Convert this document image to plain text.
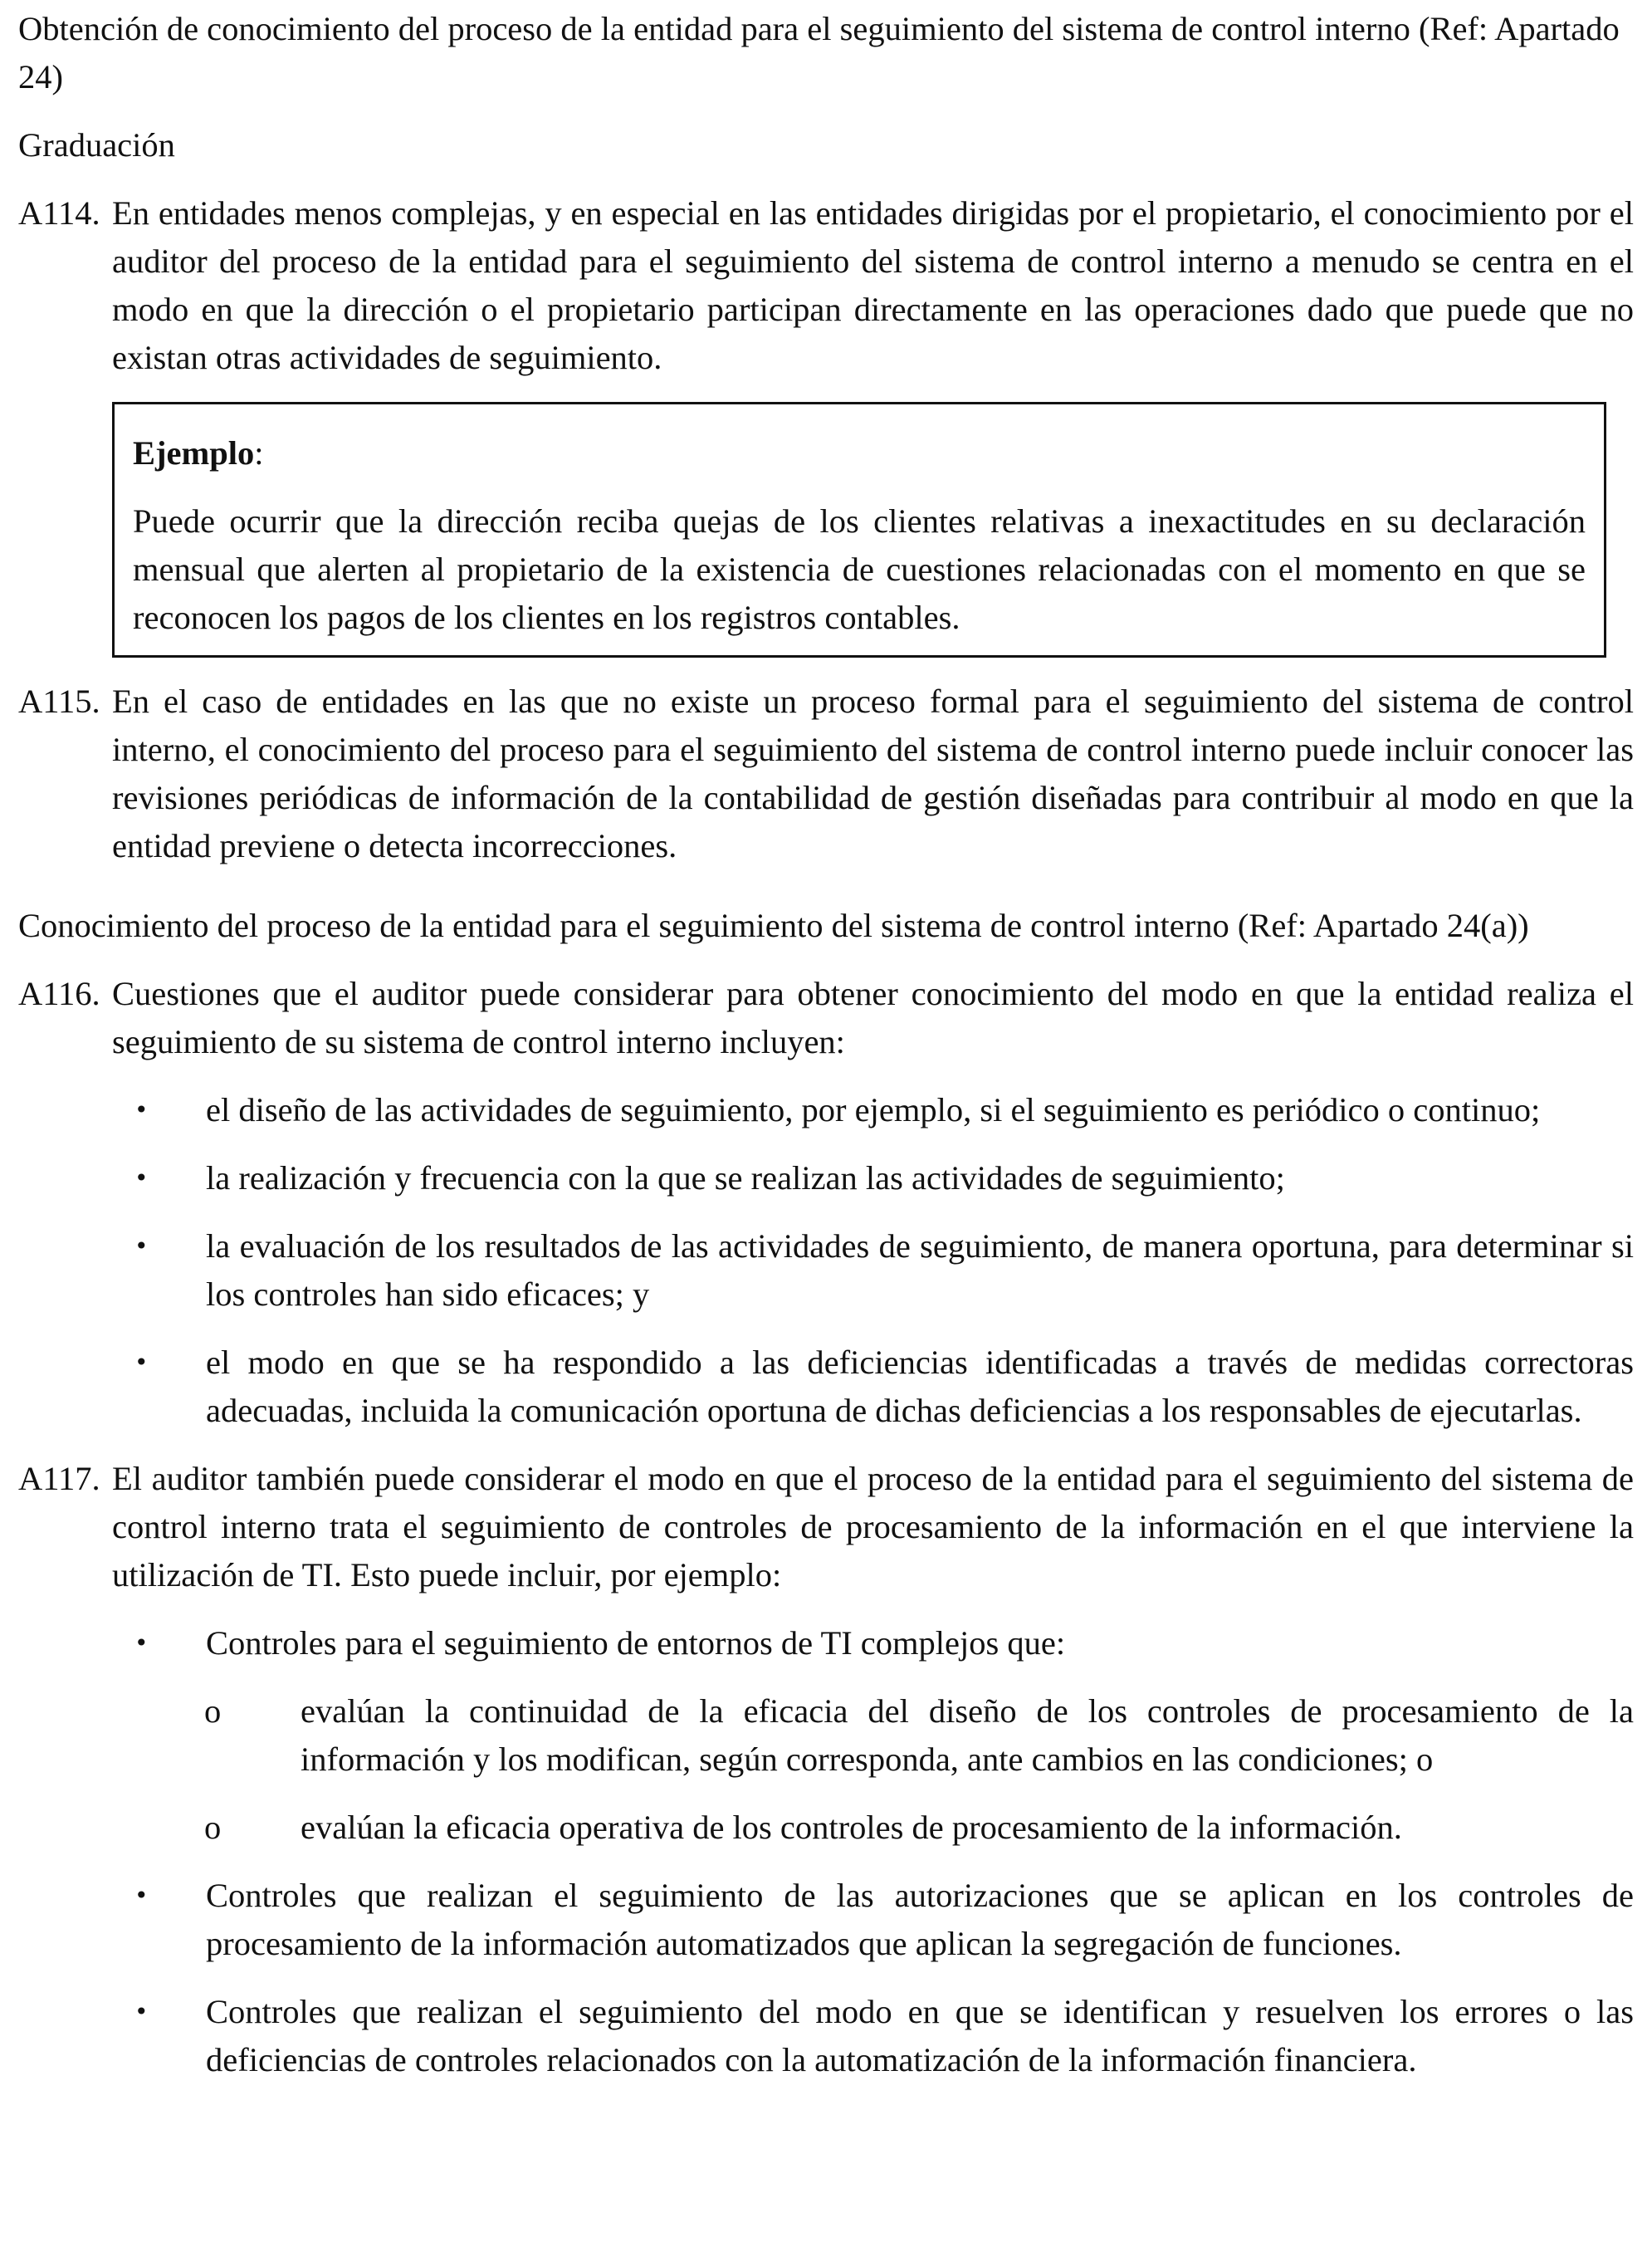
Obtención de conocimiento del proceso de la entidad para el seguimiento del sistema de control interno (Ref: Apartado 24)

Graduación

A114. En entidades menos complejas, y en especial en las entidades dirigidas por el propietario, el conocimiento por el auditor del proceso de la entidad para el seguimiento del sistema de control interno a menudo se centra en el modo en que la dirección o el propietario participan directamente en las operaciones dado que puede que no existan otras actividades de seguimiento.

Ejemplo:

Puede ocurrir que la dirección reciba quejas de los clientes relativas a inexactitudes en su declaración mensual que alerten al propietario de la existencia de cuestiones relacionadas con el momento en que se reconocen los pagos de los clientes en los registros contables.

A115. En el caso de entidades en las que no existe un proceso formal para el seguimiento del sistema de control interno, el conocimiento del proceso para el seguimiento del sistema de control interno puede incluir conocer las revisiones periódicas de información de la contabilidad de gestión diseñadas para contribuir al modo en que la entidad previene o detecta incorrecciones.

Conocimiento del proceso de la entidad para el seguimiento del sistema de control interno (Ref: Apartado 24(a))

A116. Cuestiones que el auditor puede considerar para obtener conocimiento del modo en que la entidad realiza el seguimiento de su sistema de control interno incluyen:

• el diseño de las actividades de seguimiento, por ejemplo, si el seguimiento es periódico o continuo;

• la realización y frecuencia con la que se realizan las actividades de seguimiento;

• la evaluación de los resultados de las actividades de seguimiento, de manera oportuna, para determinar si los controles han sido eficaces; y

• el modo en que se ha respondido a las deficiencias identificadas a través de medidas correctoras adecuadas, incluida la comunicación oportuna de dichas deficiencias a los responsables de ejecutarlas.

A117. El auditor también puede considerar el modo en que el proceso de la entidad para el seguimiento del sistema de control interno trata el seguimiento de controles de procesamiento de la información en el que interviene la utilización de TI. Esto puede incluir, por ejemplo:

• Controles para el seguimiento de entornos de TI complejos que:

o evalúan la continuidad de la eficacia del diseño de los controles de procesamiento de la información y los modifican, según corresponda, ante cambios en las condiciones; o

o evalúan la eficacia operativa de los controles de procesamiento de la información.

• Controles que realizan el seguimiento de las autorizaciones que se aplican en los controles de procesamiento de la información automatizados que aplican la segregación de funciones.

• Controles que realizan el seguimiento del modo en que se identifican y resuelven los errores o las deficiencias de controles relacionados con la automatización de la información financiera.
